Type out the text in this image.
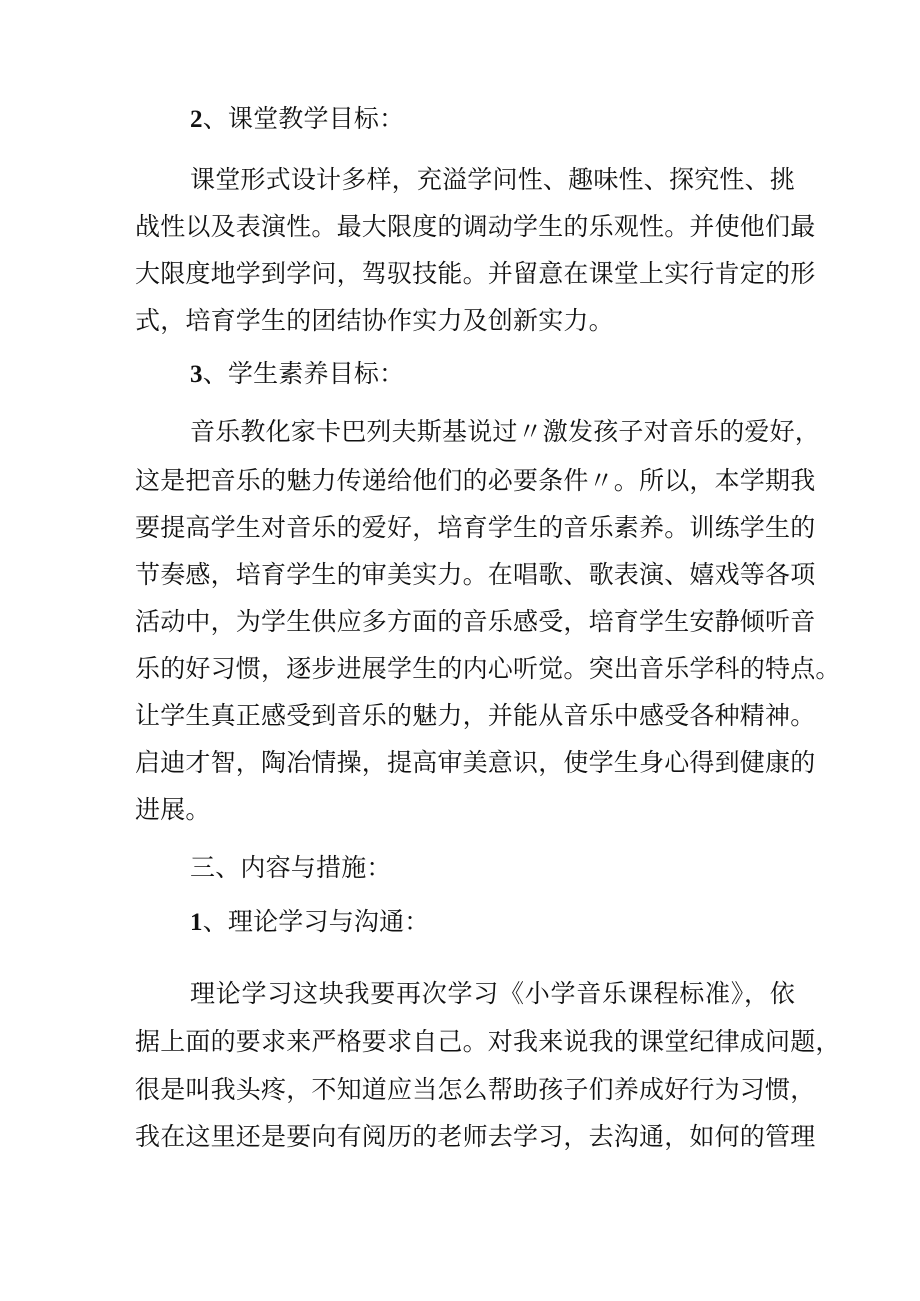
2、课堂教学目标：
课堂形式设计多样，充溢学问性、趣味性、探究性、挑
战性以及表演性。最大限度的调动学生的乐观性。并使他们最
大限度地学到学问，驾驭技能。并留意在课堂上实行肯定的形
式，培育学生的团结协作实力及创新实力。
3、学生素养目标：
音乐教化家卡巴列夫斯基说过〃激发孩子对音乐的爱好，
这是把音乐的魅力传递给他们的必要条件〃。所以，本学期我
要提高学生对音乐的爱好，培育学生的音乐素养。训练学生的
节奏感，培育学生的审美实力。在唱歌、歌表演、嬉戏等各项
活动中，为学生供应多方面的音乐感受，培育学生安静倾听音
乐的好习惯，逐步进展学生的内心听觉。突出音乐学科的特点。
让学生真正感受到音乐的魅力，并能从音乐中感受各种精神。
启迪才智，陶冶情操，提高审美意识，使学生身心得到健康的
进展。
三、内容与措施：
1、理论学习与沟通：
理论学习这块我要再次学习《小学音乐课程标准》，依
据上面的要求来严格要求自己。对我来说我的课堂纪律成问题，
很是叫我头疼，不知道应当怎么帮助孩子们养成好行为习惯，
我在这里还是要向有阅历的老师去学习，去沟通，如何的管理
